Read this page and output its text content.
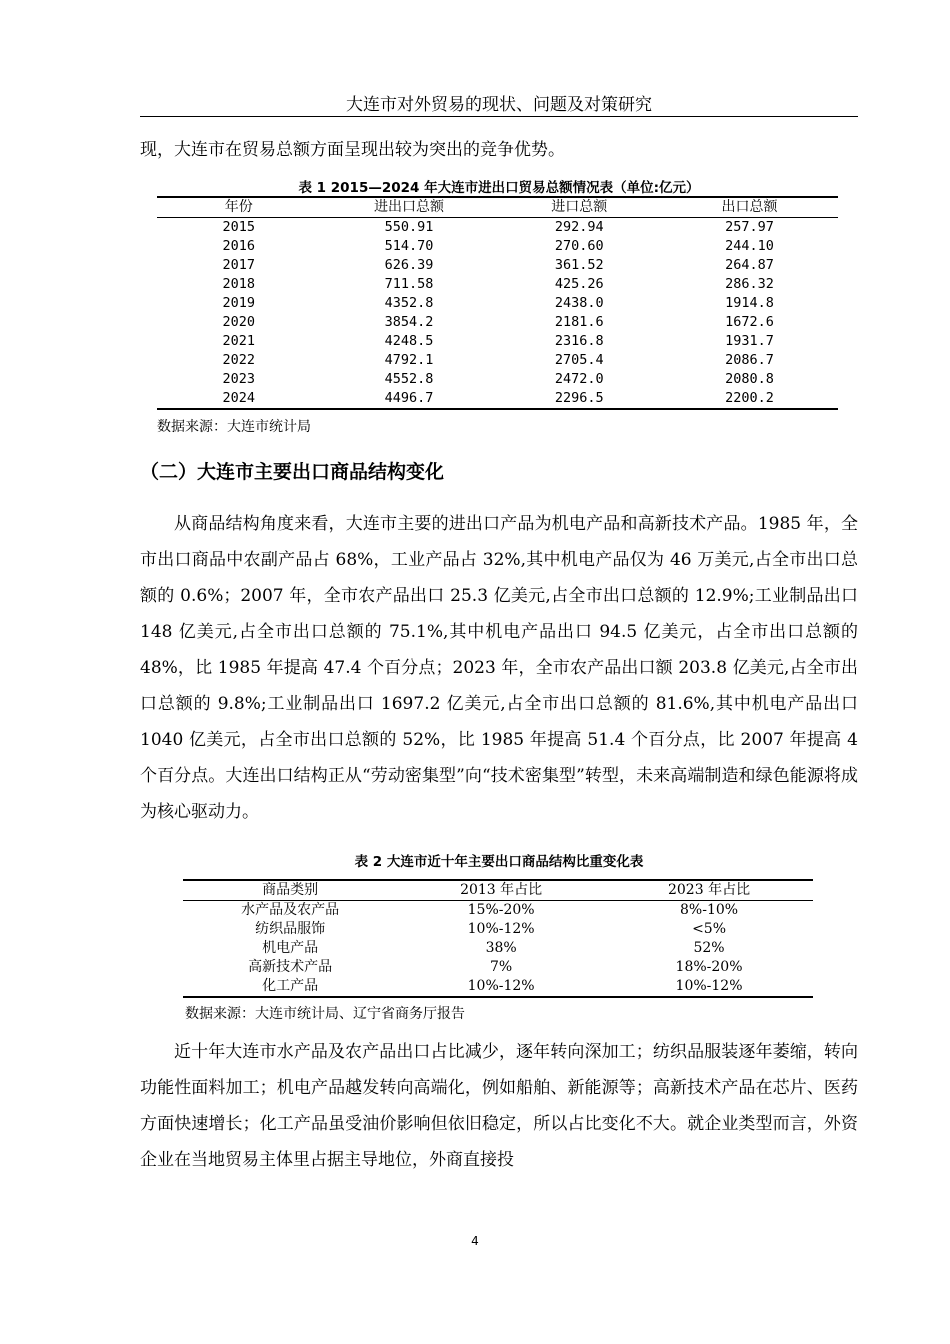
大连市对外贸易的现状、问题及对策研究

现，大连市在贸易总额方面呈现出较为突出的竞争优势。

表 1 2015—2024 年大连市进出口贸易总额情况表（单位:亿元）
年份	进出口总额	进口总额	出口总额
2015	550.91	292.94	257.97
2016	514.70	270.60	244.10
2017	626.39	361.52	264.87
2018	711.58	425.26	286.32
2019	4352.8	2438.0	1914.8
2020	3854.2	2181.6	1672.6
2021	4248.5	2316.8	1931.7
2022	4792.1	2705.4	2086.7
2023	4552.8	2472.0	2080.8
2024	4496.7	2296.5	2200.2
数据来源：大连市统计局
（二）大连市主要出口商品结构变化

从商品结构角度来看，大连市主要的进出口产品为机电产品和高新技术产品。1985 年，全市出口商品中农副产品占 68%，工业产品占 32%,其中机电产品仅为 46 万美元,占全市出口总额的 0.6%；2007 年，全市农产品出口 25.3 亿美元,占全市出口总额的 12.9%;工业制品出口 148 亿美元,占全市出口总额的 75.1%,其中机电产品出口 94.5 亿美元，占全市出口总额的 48%，比 1985 年提高 47.4 个百分点；2023 年，全市农产品出口额 203.8 亿美元,占全市出口总额的 9.8%;工业制品出口 1697.2 亿美元,占全市出口总额的 81.6%,其中机电产品出口 1040 亿美元，占全市出口总额的 52%，比 1985 年提高 51.4 个百分点，比 2007 年提高 4 个百分点。大连出口结构正从“劳动密集型”向“技术密集型”转型，未来高端制造和绿色能源将成为核心驱动力。

表 2 大连市近十年主要出口商品结构比重变化表
商品类别	2013 年占比	2023 年占比
水产品及农产品	15%-20%	8%-10%
纺织品服饰	10%-12%	<5%
机电产品	38%	52%
高新技术产品	7%	18%-20%
化工产品	10%-12%	10%-12%
数据来源：大连市统计局、辽宁省商务厅报告

近十年大连市水产品及农产品出口占比减少，逐年转向深加工；纺织品服装逐年萎缩，转向功能性面料加工；机电产品越发转向高端化，例如船舶、新能源等；高新技术产品在芯片、医药方面快速增长；化工产品虽受油价影响但依旧稳定，所以占比变化不大。就企业类型而言，外资企业在当地贸易主体里占据主导地位，外商直接投

4
